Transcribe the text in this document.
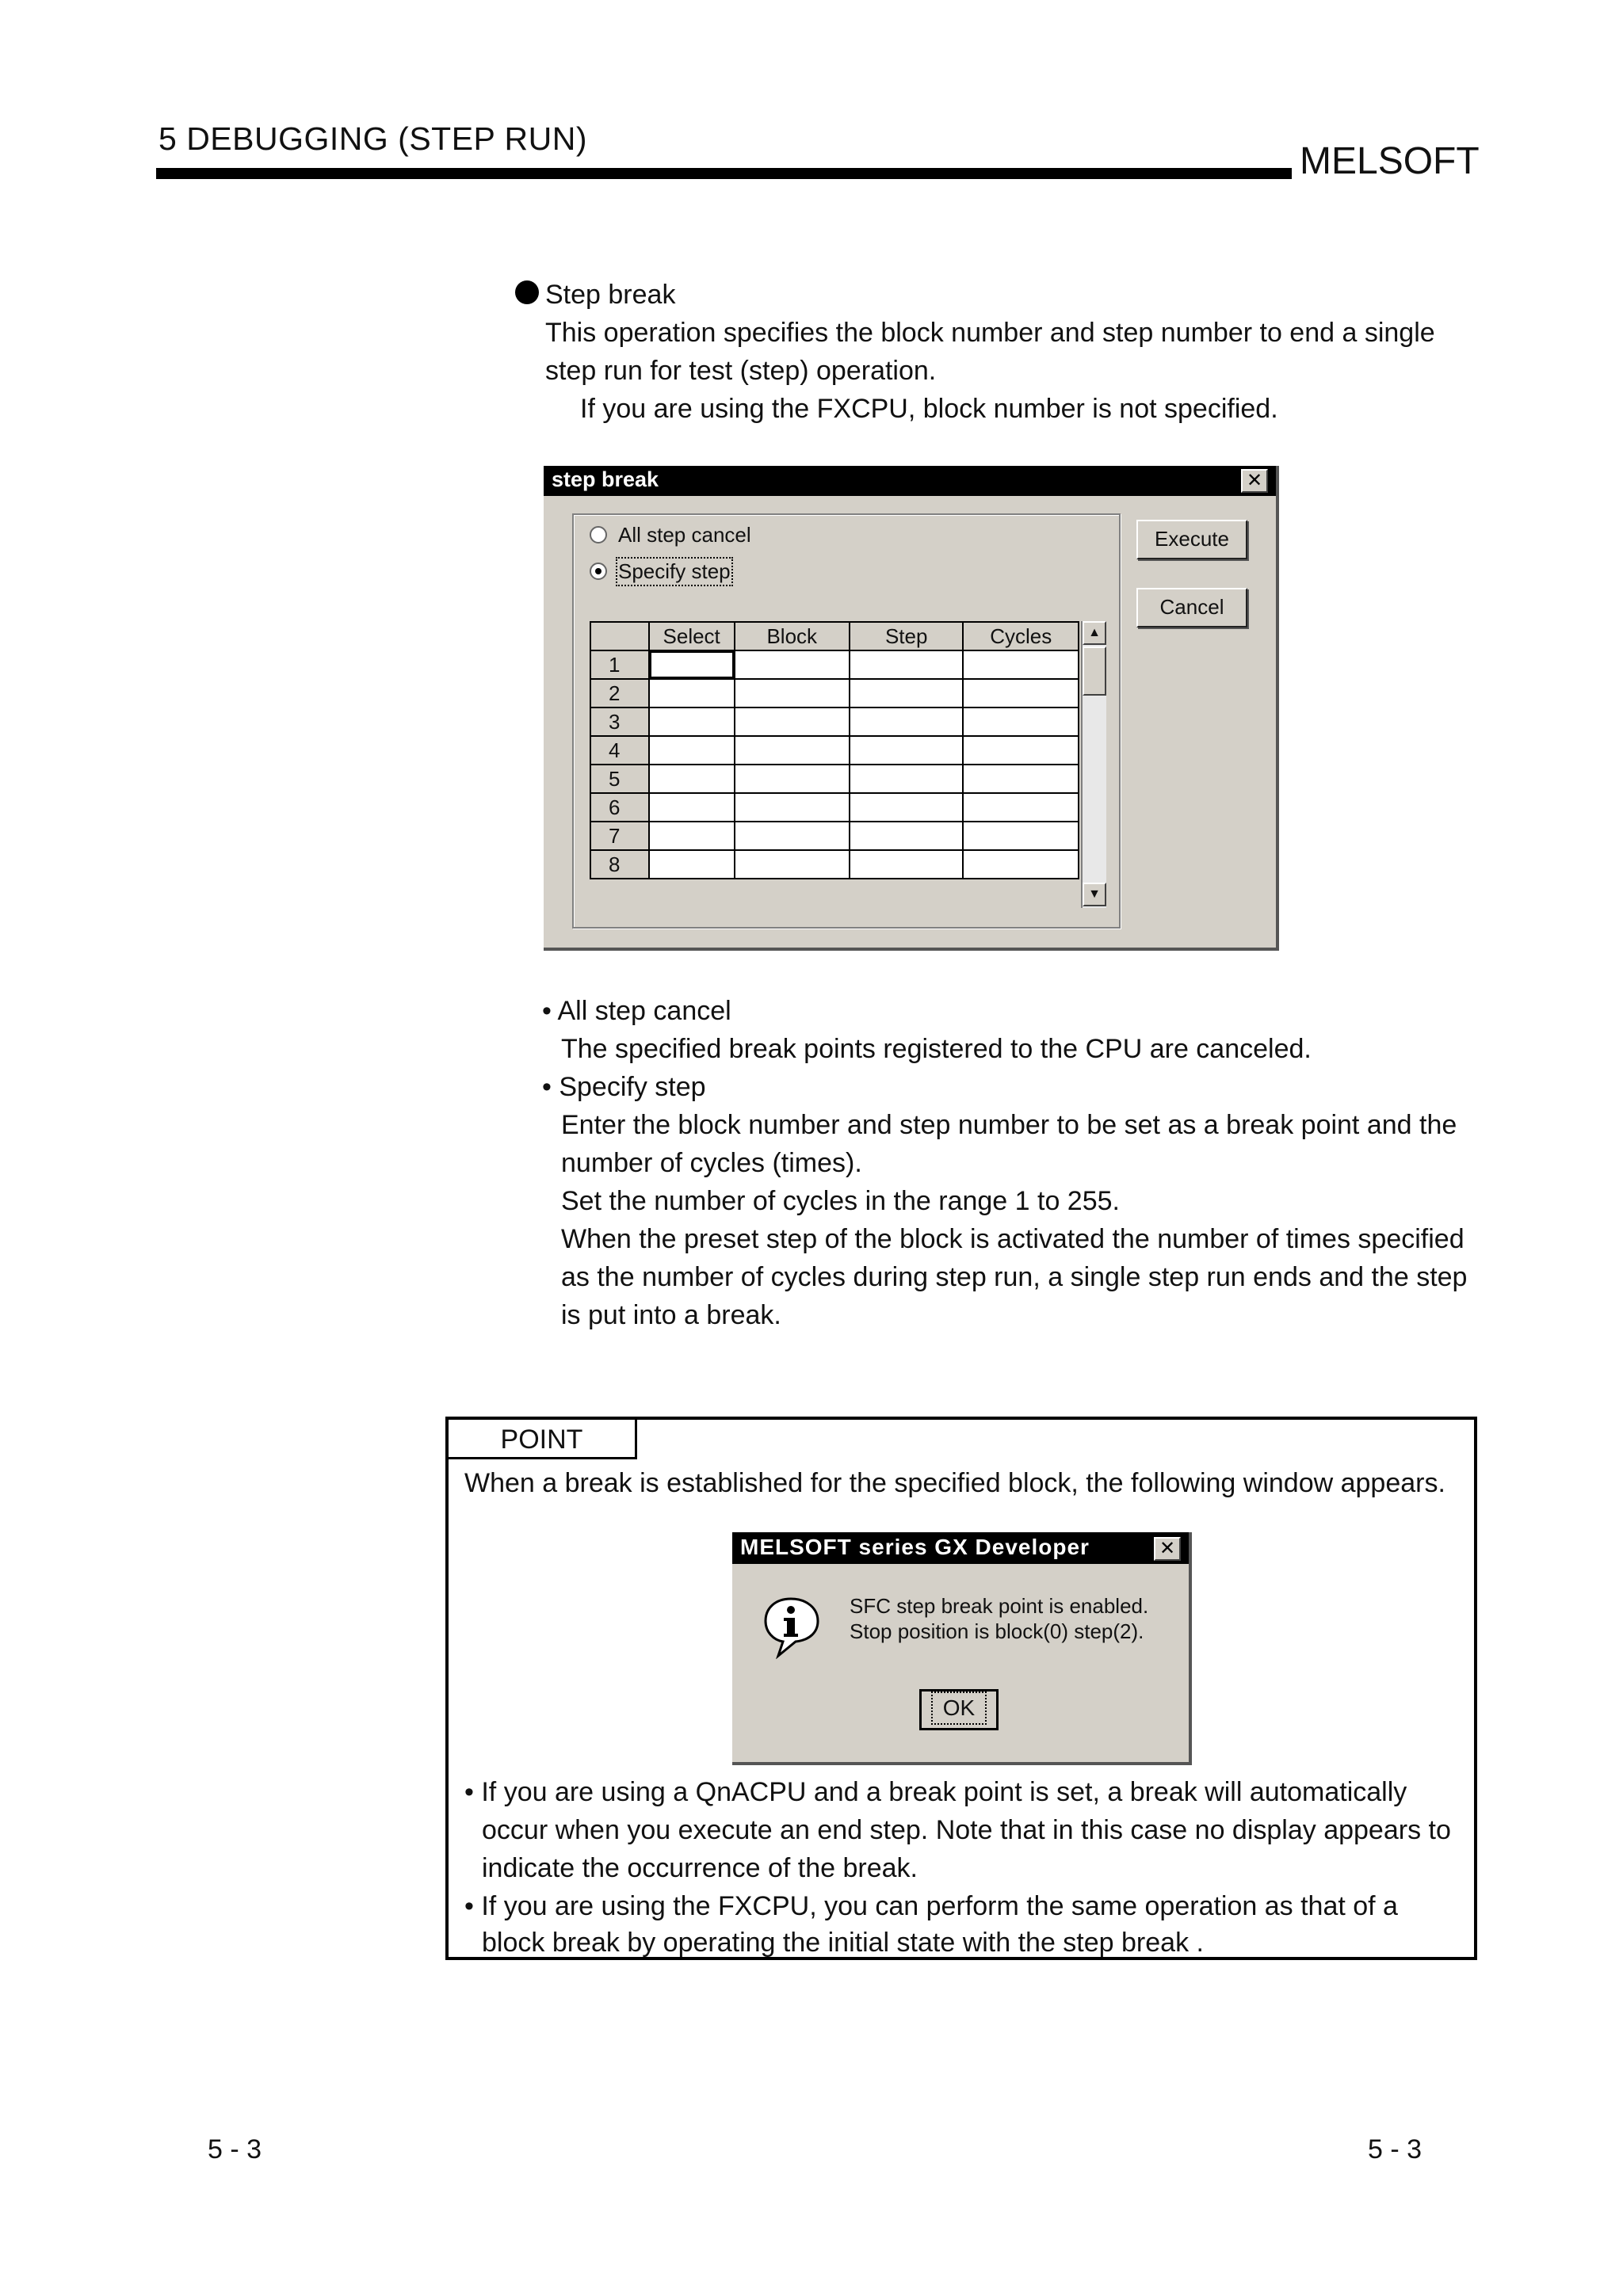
5 DEBUGGING (STEP RUN)
MELSOFT
Step break
This operation specifies the block number and step number to end a single
step run for test (step) operation.
If you are using the FXCPU, block number is not specified.
step break	✕
All step cancel
Specify step
	Select	Block	Step	Cycles
1				
2				
3				
4				
5				
6				
7				
8				
▲
▼
Execute
Cancel
• All step cancel
The specified break points registered to the CPU are canceled.
• Specify step
Enter the block number and step number to be set as a break point and the
number of cycles (times).
Set the number of cycles in the range 1 to 255.
When the preset step of the block is activated the number of times specified
as the number of cycles during step run, a single step run ends and the step
is put into a break.
POINT
When a break is established for the specified block, the following window appears.
• If you are using a QnACPU and a break point is set, a break will automatically
occur when you execute an end step. Note that in this case no display appears to
indicate the occurrence of the break.
• If you are using the FXCPU, you can perform the same operation as that of a
block break by operating the initial state with the step break .
MELSOFT series GX Developer	✕
SFC step break point is enabled.
Stop position is block(0) step(2).
OK
5 - 3	5 - 3
